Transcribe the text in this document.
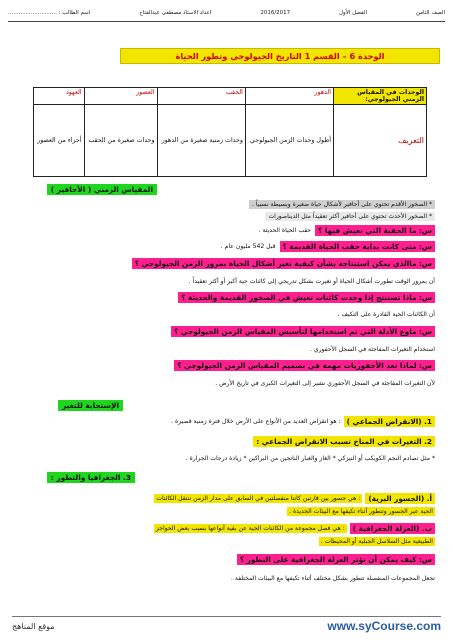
الصف الثامن
الفصل الأول
2016/2017
اعداد الاستاذ مصطفى عبدالفتاح
اسم الطالب : ............................
الوحدة 6 – القسم 1 التاريخ الجيولوجي وتطور الحياة
الوحدات في المقياس الزمني الجيولوجي:	الدهور	الحقب	العصور	العهود
التعريف	أطول وحدات الزمن الجيولوجي	وحدات زمنية صغيرة من الدهور	وحدات صغيرة من الحقب	أجزاء من العصور
المقياس الزمني ( الأحافير )
* الصخور الأقدم تحتوي على أحافير لأشكال حياة صغيرة وبسيطة نسبياً .
* الصخور الأحدث تحتوي على أحافير أكثر تعقيداً مثل الديناصورات
س: ما الحقبة التي نعيش فيها ؟
حقب الحياة الحديثة .
س: متى كانت بداية حقب الحياة القديمة ؟
قبل 542 مليون عام .
س: ماالذي يمكن استنتاجه بشأن كيفية تغير أشكال الحياة بمرور الزمن الجيولوجي ؟
أن بمرور الوقت تطورت أشكال الحياة أو تغيرت بشكل تدريجي إلى كائنات حية أكبر أو أكثر تعقيداً .
س: ماذا تستنتج إذا وجدت كائنات تعيش في الصخور القديمة والحديثة ؟
أن الكائنات الحية القادرة على التكيف .
س: ماوع الأدلة التي تم استخدامها لتأسيس المقياس الزمن الجيولوجي ؟
استخدام التغيرات المفاجئة في السجل الأحفوري .
س: لماذا تعد الأحفوريات مهمة في تصميم المقياس الزمن الجيولوجي ؟
لأن التغيرات المفاجئة في السجل الأحفوري تشير إلى التغيرات الكبرى في تاريخ الأرض .
الإستجابة للتغير
1. (الانقراض الجماعي )
: هو انقراض العديد من الأنواع على الأرض خلال فترة زمنية قصيرة .
2. التغيرات في المناخ تسبب الانقراض الجماعي :
* مثل تصادم النجم الكويكب أو النيزكي * الغاز والغبار الناتجين من البراكين * زيادة درجات الحرارة .
3. الجغرافيا والتطور :
أ. (الجسور البرية)
: هي جسور بين قارتين كانتا منفصلتين في السابق على مدار الزمن تنتقل الكائنات
الحية عبر الجسور وتتطور أثناء تكيفها مع البيئات الجديدة .
ب. (العزلة الجغرافية )
: هي فصل مجموعة من الكائنات الحية عن بقية أنواعها بسبب بعض الحواجز
الطبيعية مثل السلاسل الجبلية أو المحيطات .
س: كيف يمكن أن تؤثر العزلة الجغرافية على التطور ؟
تجعل المجموعات المنفصلة تتطور بشكل مختلف أثناء تكيفها مع البيئات المختلفة .
موقع المناهج	www.syCourse.com
